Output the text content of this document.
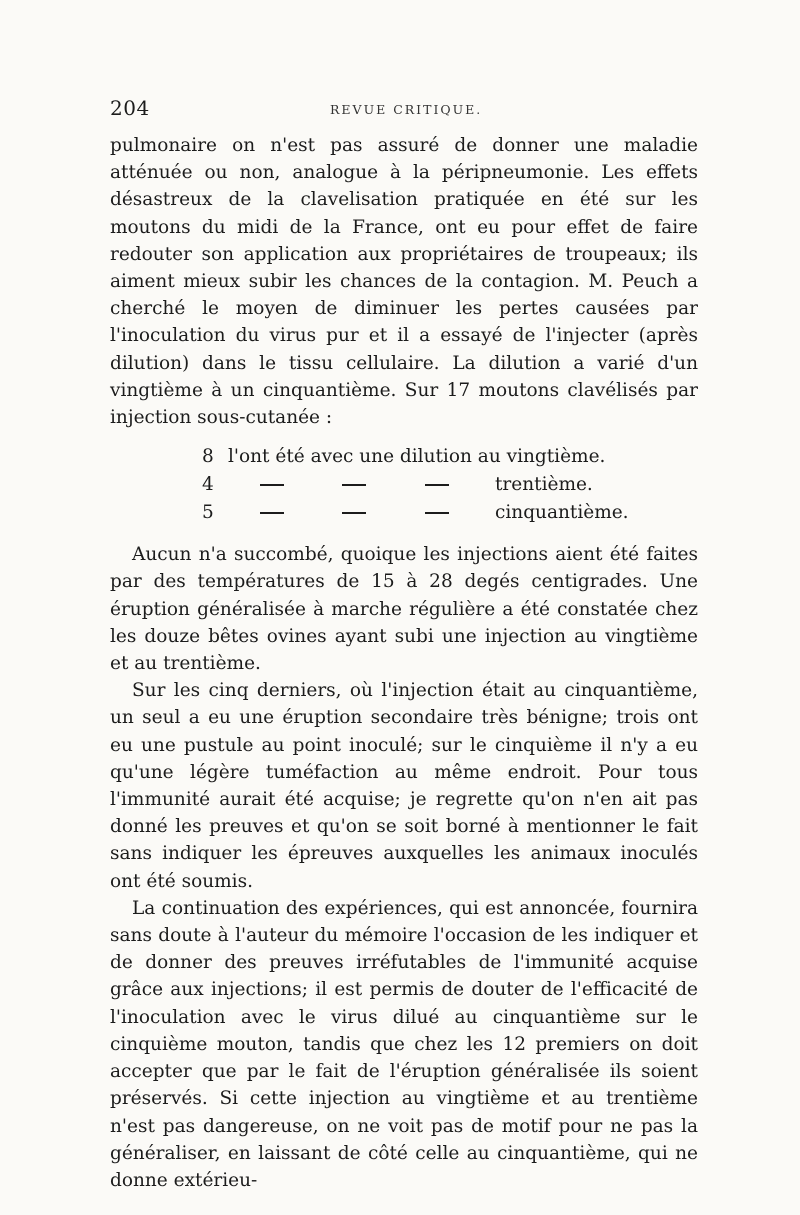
204	REVUE CRITIQUE.

pulmonaire on n'est pas assuré de donner une maladie atténuée ou non, analogue à la péripneumonie. Les effets désastreux de la clavelisation pratiquée en été sur les moutons du midi de la France, ont eu pour effet de faire redouter son application aux propriétaires de troupeaux; ils aiment mieux subir les chances de la contagion. M. Peuch a cherché le moyen de diminuer les pertes causées par l'inoculation du virus pur et il a essayé de l'injecter (après dilution) dans le tissu cellulaire. La dilution a varié d'un vingtième à un cinquantième. Sur 17 moutons clavélisés par injection sous-cutanée :

8 l'ont été avec une dilution au vingtième.
4	trentième.
5	cinquantième.

Aucun n'a succombé, quoique les injections aient été faites par des températures de 15 à 28 degés centigrades. Une éruption généralisée à marche régulière a été constatée chez les douze bêtes ovines ayant subi une injection au vingtième et au trentième.

Sur les cinq derniers, où l'injection était au cinquantième, un seul a eu une éruption secondaire très bénigne; trois ont eu une pustule au point inoculé; sur le cinquième il n'y a eu qu'une légère tuméfaction au même endroit. Pour tous l'immunité aurait été acquise; je regrette qu'on n'en ait pas donné les preuves et qu'on se soit borné à mentionner le fait sans indiquer les épreuves auxquelles les animaux inoculés ont été soumis.

La continuation des expériences, qui est annoncée, fournira sans doute à l'auteur du mémoire l'occasion de les indiquer et de donner des preuves irréfutables de l'immunité acquise grâce aux injections; il est permis de douter de l'efficacité de l'inoculation avec le virus dilué au cinquantième sur le cinquième mouton, tandis que chez les 12 premiers on doit accepter que par le fait de l'éruption généralisée ils soient préservés. Si cette injection au vingtième et au trentième n'est pas dangereuse, on ne voit pas de motif pour ne pas la généraliser, en laissant de côté celle au cinquantième, qui ne donne extérieu-
